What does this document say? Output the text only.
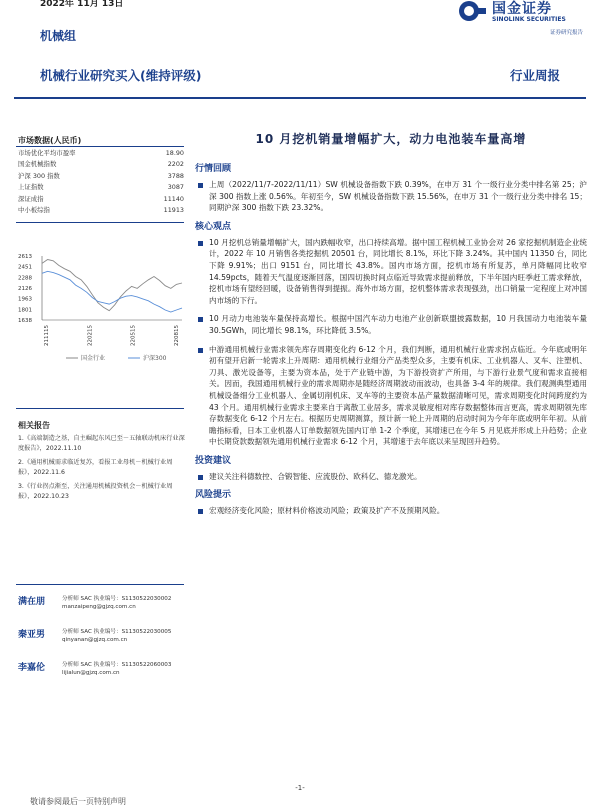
2022年 11月 13日	国金证券
SINOLINK SECURITIES
证券研究报告
机械组
机械行业研究买入(维持评级)	行业周报
市场数据(人民币)
市场优化平均市盈率	18.90
国金机械指数	2202
沪深 300 指数	3788
上证指数	3087
深证成指	11140
中小板综指	11913
2613
2451
2288
2126
1963
1801
1638
211115	220215	220515	220815
国金行业	沪深300
相关报告

1.《高端制造之基，自主崛起东风已至－五轴联动机床行业深度报告》，2022.11.10

2.《通用机械需求临近复苏，看报工业母机－机械行业周报》，2022.11.6

3.《行业拐点渐至，关注通用机械投资机会－机械行业周报》，2022.10.23

满在朋	分析师 SAC 执业编号：S1130522030002
manzaipeng@gjzq.com.cn
秦亚男	分析师 SAC 执业编号：S1130522030005
qinyanan@gjzq.com.cn
李嘉伦	分析师 SAC 执业编号：S1130522060003
lijialun@gjzq.com.cn
10 月挖机销量增幅扩大，动力电池装车量高增
行情回顾
上周（2022/11/7-2022/11/11）SW 机械设备指数下跌 0.39%，在申万 31 个一级行业分类中排名第 25；沪深 300 指数上涨 0.56%。年初至今，SW 机械设备指数下跌 15.56%，在申万 31 个一级行业分类中排名 15；同期沪深 300 指数下跌 23.32%。
核心观点
10 月挖机总销量增幅扩大，国内跌幅收窄，出口持续高增。据中国工程机械工业协会对 26 家挖掘机制造企业统计，2022 年 10 月销售各类挖掘机 20501 台，同比增长 8.1%，环比下降 3.24%。其中国内 11350 台，同比下降 9.91%；出口 9151 台，同比增长 43.8%。国内市场方面，挖机市场有所复苏，单月降幅同比收窄 14.59pcts，随着天气温度逐渐回落，国四切换时间点临近导致需求提前释放，下半年国内旺季赶工需求释放，挖机市场有望经回暖，设备销售得到提振。海外市场方面，挖机整体需求表现强劲，出口销量一定程度上对冲国内市场的下行。
10 月动力电池装车量保持高增长。根据中国汽车动力电池产业创新联盟披露数据，10 月我国动力电池装车量 30.5GWh，同比增长 98.1%，环比降低 3.5%。
中游通用机械行业需求领先库存周期变化约 6-12 个月，我们判断，通用机械行业需求拐点临近。今年底或明年初有望开启新一轮需求上升周期：通用机械行业细分产品类型众多，主要有机床、工业机器人、叉车、注塑机、刀具、激光设备等，主要为资本品，处于产业链中游，为下游投资扩产所用，与下游行业景气度和需求直接相关。因而，我国通用机械行业的需求周期亦是随经济周期波动而波动，也具备 3-4 年的规律。我们观测典型通用机械设备细分工业机器人、金属切削机床、叉车等的主要资本品产量数据清晰可见，需求周期变化时间跨度约为 43 个月。通用机械行业需求主要来自于离散工业居多，需求灵敏度相对库存数据整体而言更高，需求周期领先库存数据变化 6-12 个月左右。根据历史周期测算，预计新一轮上升周期的启动时间为今年年底或明年年初。从前瞻指标看，日本工业机器人订单数据领先国内订单 1-2 个季度，其增速已在今年 5 月见底并形成上升趋势；企业中长期贷款数据领先通用机械行业需求 6-12 个月，其增速于去年底以来呈现回升趋势。
投资建议
建议关注科德数控、合锻智能、应流股份、欧科亿、德龙激光。
风险提示
宏观经济变化风险；原材料价格波动风险；政策及扩产不及预期风险。
-1-
敬请参阅最后一页特别声明
